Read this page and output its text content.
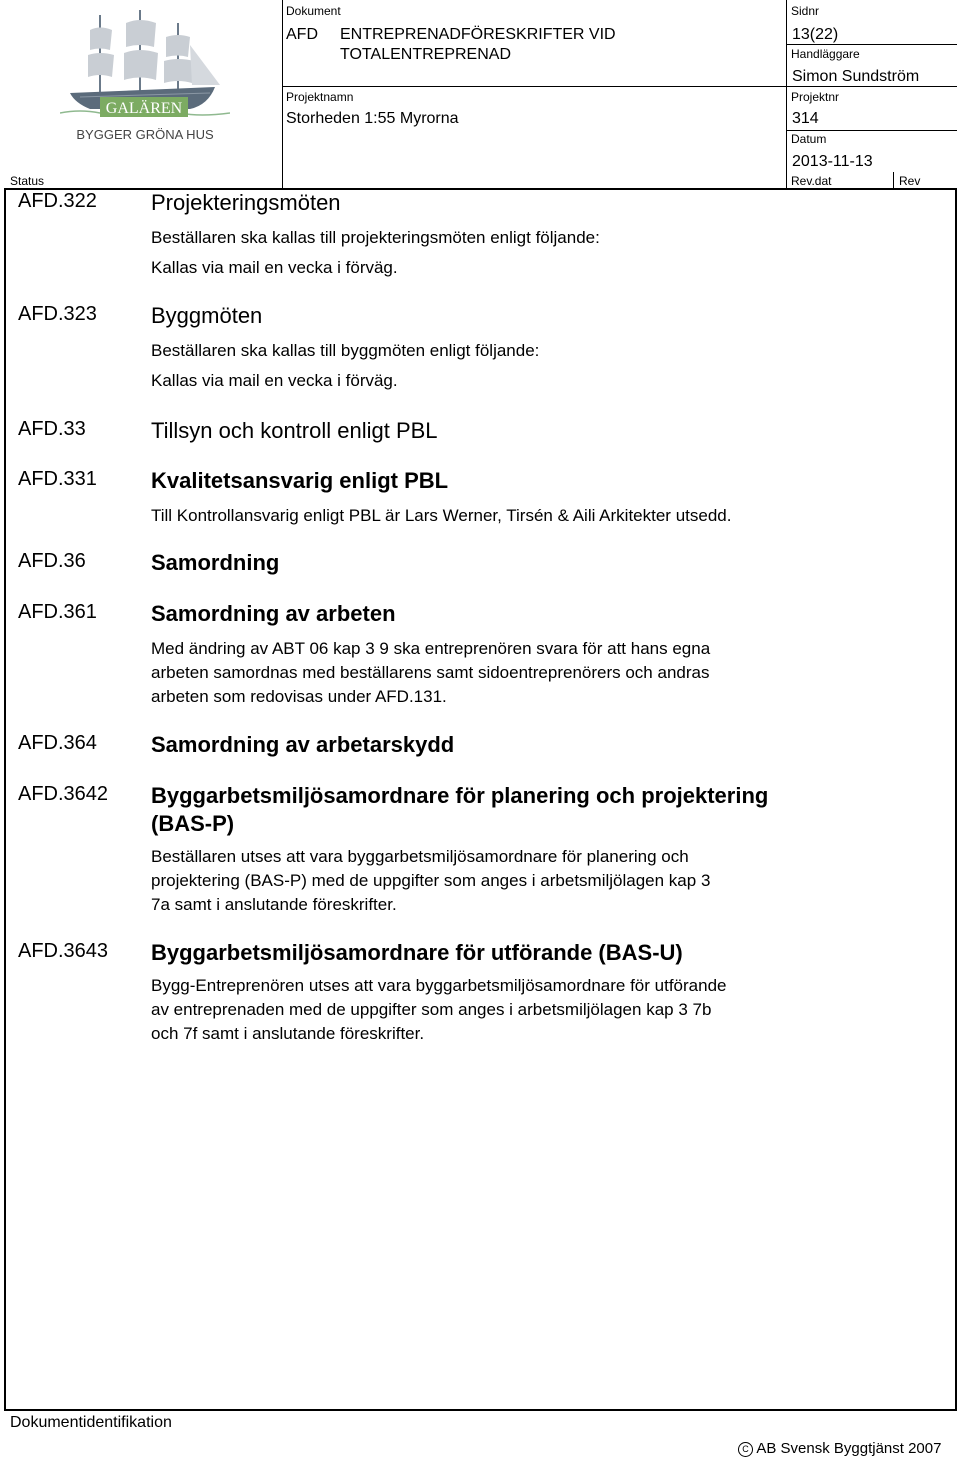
GALÄREN
BYGGER GRÖNA HUS
Dokument
AFD ENTREPRENADFÖRESKRIFTER VID
TOTALENTREPRENAD
Sidnr
13(22)
Handläggare
Simon Sundström
Projektnamn
Storheden 1:55 Myrorna
Projektnr
314
Datum
2013-11-13
Status	Rev.dat	Rev
AFD.322 Projekteringsmöten
Beställaren ska kallas till projekteringsmöten enligt följande:
Kallas via mail en vecka i förväg.
AFD.323 Byggmöten
Beställaren ska kallas till byggmöten enligt följande:
Kallas via mail en vecka i förväg.
AFD.33	Tillsyn och kontroll enligt PBL
AFD.331 Kvalitetsansvarig enligt PBL
Till Kontrollansvarig enligt PBL är Lars Werner, Tirsén & Aili Arkitekter utsedd.
AFD.36	Samordning
AFD.361 Samordning av arbeten
Med ändring av ABT 06 kap 3 9 ska entreprenören svara för att hans egna
arbeten samordnas med beställarens samt sidoentreprenörers och andras
arbeten som redovisas under AFD.131.
AFD.364 Samordning av arbetarskydd
AFD.3642 Byggarbetsmiljösamordnare för planering och projektering
(BAS-P)
Beställaren utses att vara byggarbetsmiljösamordnare för planering och
projektering (BAS-P) med de uppgifter som anges i arbetsmiljölagen kap 3
7a samt i anslutande föreskrifter.
AFD.3643 Byggarbetsmiljösamordnare för utförande (BAS-U)
Bygg-Entreprenören utses att vara byggarbetsmiljösamordnare för utförande
av entreprenaden med de uppgifter som anges i arbetsmiljölagen kap 3 7b
och 7f samt i anslutande föreskrifter.
Dokumentidentifikation
C AB Svensk Byggtjänst 2007
